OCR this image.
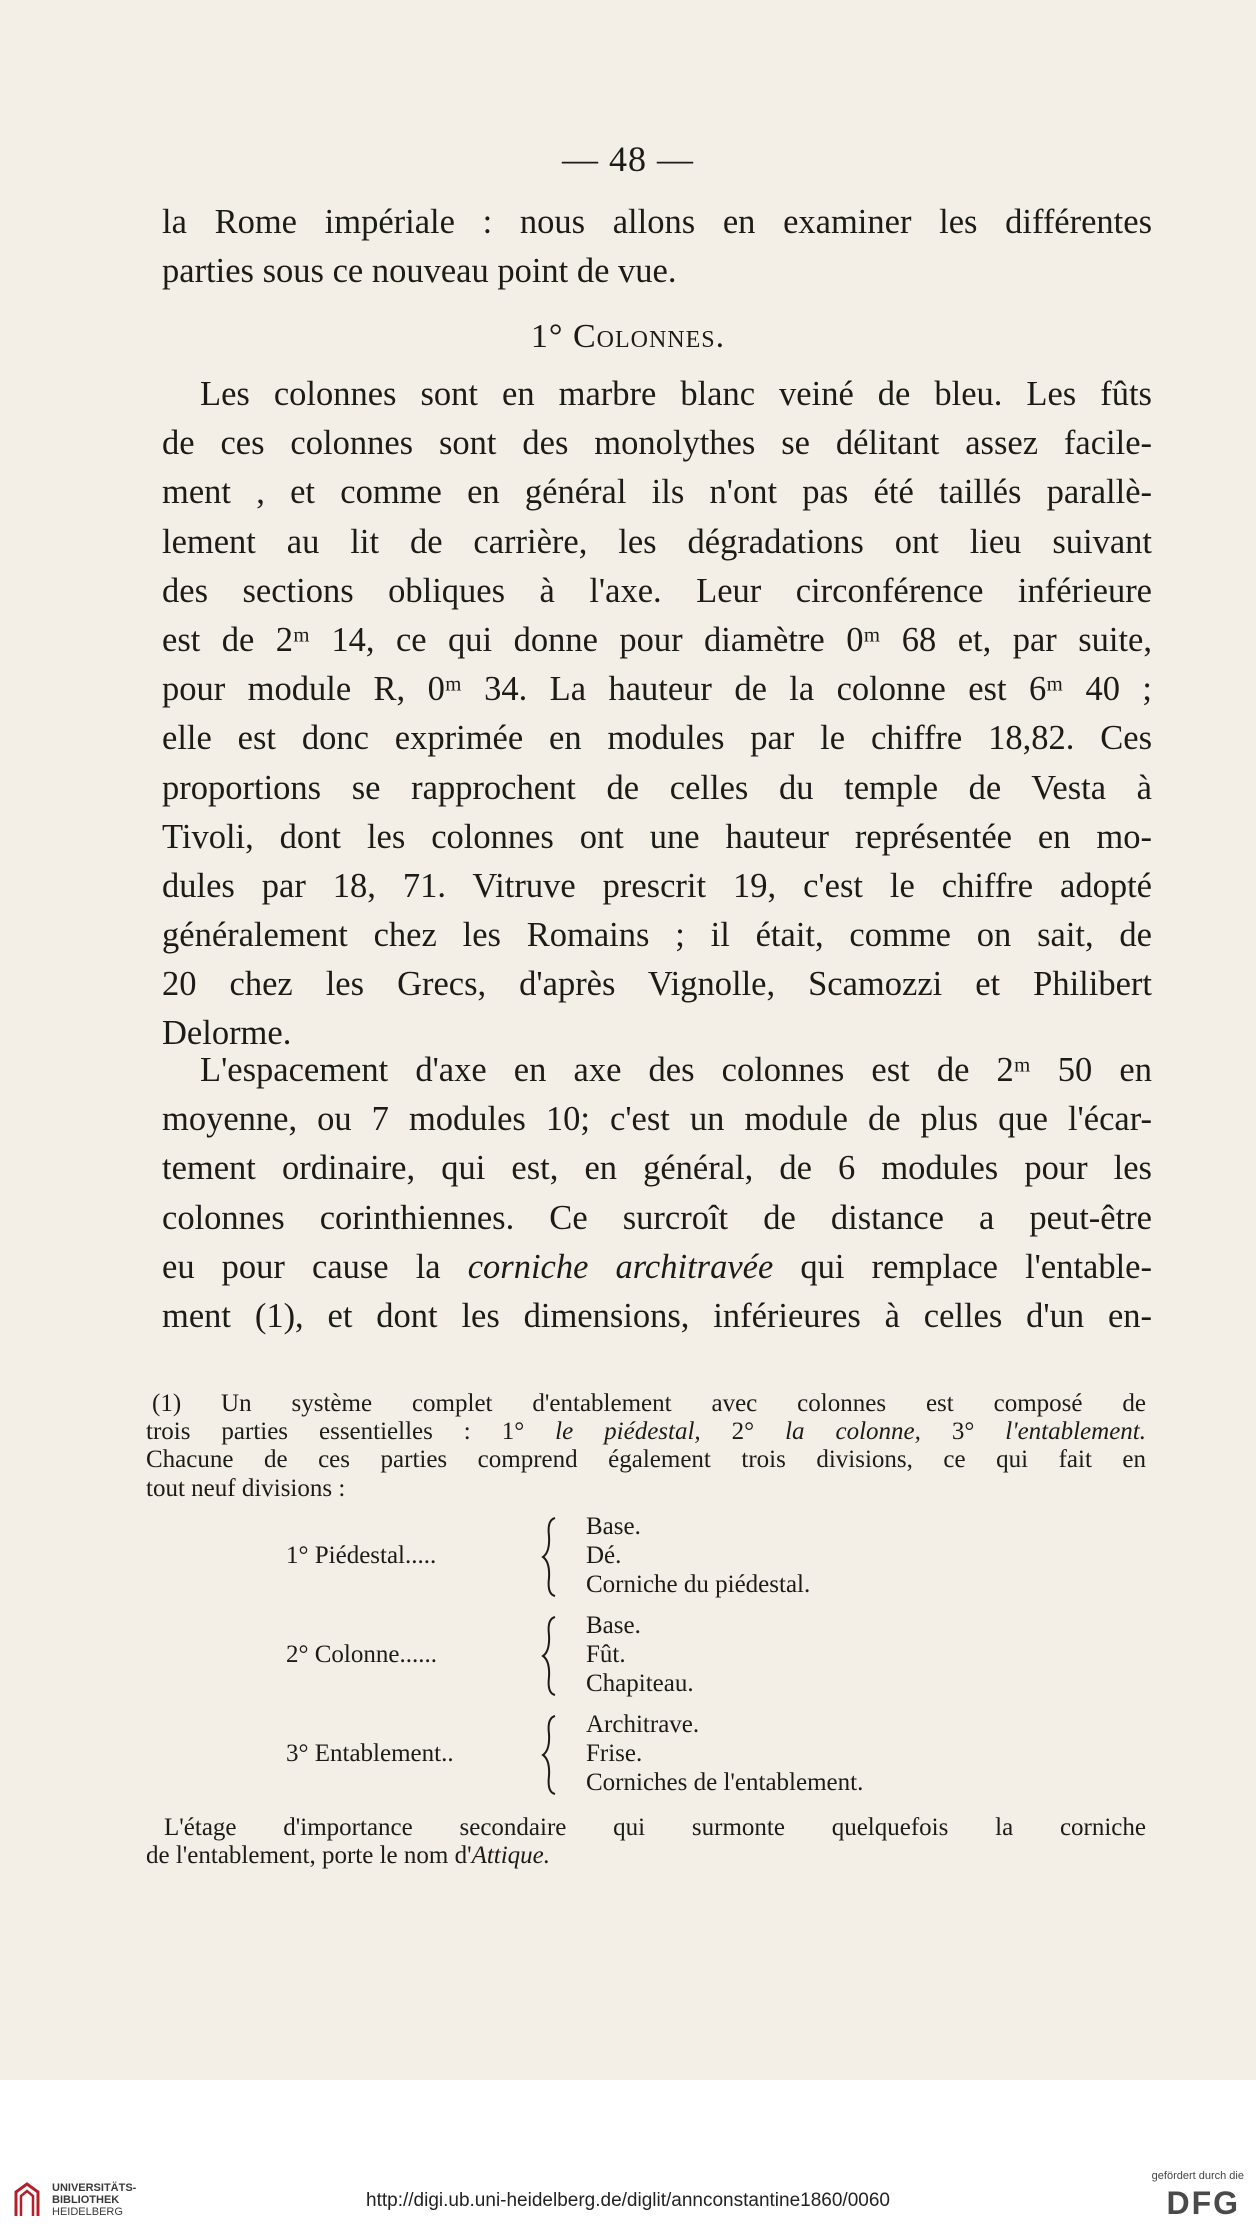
— 48 —
la Rome impériale : nous allons en examiner les différentes
parties sous ce nouveau point de vue.
1° Colonnes.
Les colonnes sont en marbre blanc veiné de bleu. Les fûts
de ces colonnes sont des monolythes se délitant assez facile-
ment , et comme en général ils n'ont pas été taillés parallè-
lement au lit de carrière, les dégradations ont lieu suivant
des sections obliques à l'axe. Leur circonférence inférieure
est de 2ᵐ 14, ce qui donne pour diamètre 0ᵐ 68 et, par suite,
pour module R, 0ᵐ 34. La hauteur de la colonne est 6ᵐ 40 ;
elle est donc exprimée en modules par le chiffre 18,82. Ces
proportions se rapprochent de celles du temple de Vesta à
Tivoli, dont les colonnes ont une hauteur représentée en mo-
dules par 18, 71. Vitruve prescrit 19, c'est le chiffre adopté
généralement chez les Romains ; il était, comme on sait, de
20 chez les Grecs, d'après Vignolle, Scamozzi et Philibert
Delorme.
L'espacement d'axe en axe des colonnes est de 2ᵐ 50 en
moyenne, ou 7 modules 10; c'est un module de plus que l'écar-
tement ordinaire, qui est, en général, de 6 modules pour les
colonnes corinthiennes. Ce surcroît de distance a peut-être
eu pour cause la corniche architravée qui remplace l'entable-
ment (1), et dont les dimensions, inférieures à celles d'un en-
(1) Un système complet d'entablement avec colonnes est composé de
trois parties essentielles : 1° le piédestal, 2° la colonne, 3° l'entablement.
Chacune de ces parties comprend également trois divisions, ce qui fait en
tout neuf divisions :
1° Piédestal.....
Base.
Dé.
Corniche du piédestal.
2° Colonne......
Base.
Fût.
Chapiteau.
3° Entablement..
Architrave.
Frise.
Corniches de l'entablement.
L'étage d'importance secondaire qui surmonte quelquefois la corniche
de l'entablement, porte le nom d'Attique.
UNIVERSITÄTS-
BIBLIOTHEK
HEIDELBERG
http://digi.ub.uni-heidelberg.de/diglit/annconstantine1860/0060
gefördert durch die
DFG
